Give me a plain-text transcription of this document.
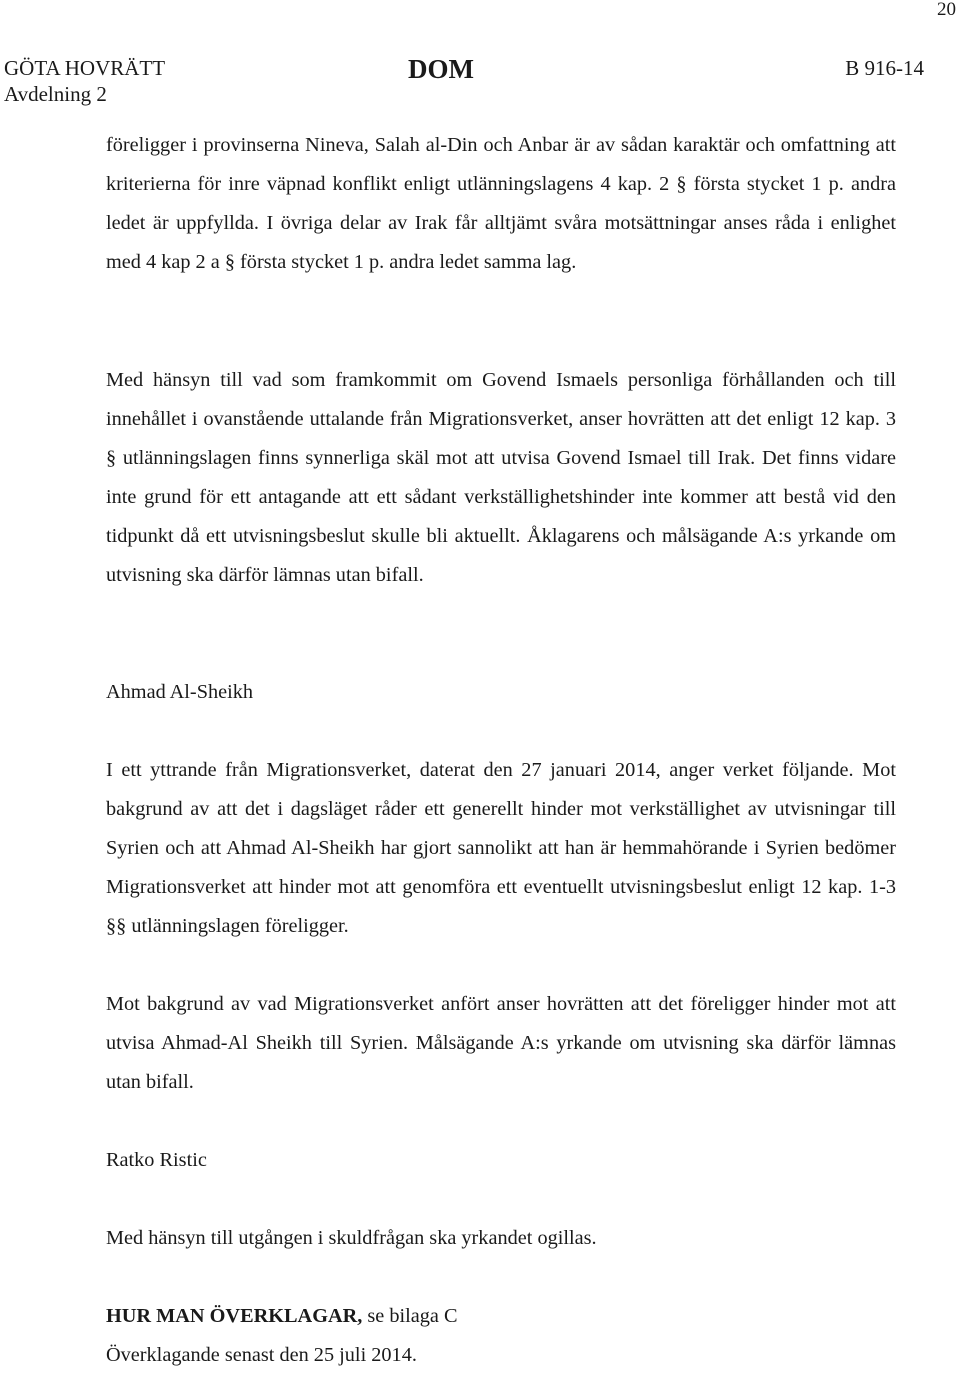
20
GÖTA HOVRÄTT
Avdelning 2
DOM	B 916-14

föreligger i provinserna Nineva, Salah al-Din och Anbar är av sådan karaktär och omfattning att kriterierna för inre väpnad konflikt enligt utlänningslagens 4 kap. 2 § första stycket 1 p. andra ledet är uppfyllda. I övriga delar av Irak får alltjämt svåra motsättningar anses råda i enlighet med 4 kap 2 a § första stycket 1 p. andra ledet samma lag.

Med hänsyn till vad som framkommit om Govend Ismaels personliga förhållanden och till innehållet i ovanstående uttalande från Migrationsverket, anser hovrätten att det enligt 12 kap. 3 § utlänningslagen finns synnerliga skäl mot att utvisa Govend Ismael till Irak. Det finns vidare inte grund för ett antagande att ett sådant verkställighetshinder inte kommer att bestå vid den tidpunkt då ett utvisningsbeslut skulle bli aktuellt. Åklagarens och målsägande A:s yrkande om utvisning ska därför lämnas utan bifall.

Ahmad Al-Sheikh

I ett yttrande från Migrationsverket, daterat den 27 januari 2014, anger verket följande. Mot bakgrund av att det i dagsläget råder ett generellt hinder mot verkställighet av utvisningar till Syrien och att Ahmad Al-Sheikh har gjort sannolikt att han är hemmahörande i Syrien bedömer Migrationsverket att hinder mot att genomföra ett eventuellt utvisningsbeslut enligt 12 kap. 1-3 §§ utlänningslagen föreligger.

Mot bakgrund av vad Migrationsverket anfört anser hovrätten att det föreligger hinder mot att utvisa Ahmad-Al Sheikh till Syrien. Målsägande A:s yrkande om utvisning ska därför lämnas utan bifall.

Ratko Ristic

Med hänsyn till utgången i skuldfrågan ska yrkandet ogillas.

HUR MAN ÖVERKLAGAR, se bilaga C
Överklagande senast den 25 juli 2014.
